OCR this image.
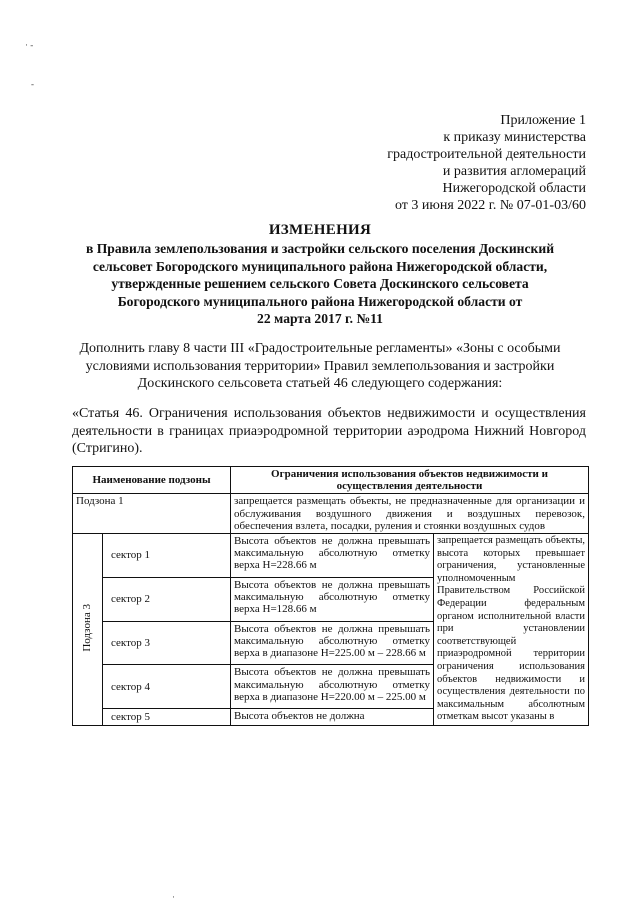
· -
-
Приложение 1
к приказу министерства
градостроительной деятельности
и развития агломераций
Нижегородской области
от 3 июня 2022 г. № 07-01-03/60
ИЗМЕНЕНИЯ
в Правила землепользования и застройки сельского поселения Доскинский
сельсовет Богородского муниципального района Нижегородской области,
утвержденные решением сельского Совета Доскинского сельсовета
Богородского муниципального района Нижегородской области от
22 марта 2017 г. №11
Дополнить главу 8 части III «Градостроительные регламенты» «Зоны с особыми
условиями использования территории» Правил землепользования и застройки
Доскинского сельсовета статьей 46 следующего содержания:
«Статья 46. Ограничения использования объектов недвижимости и осуществления деятельности в границах приаэродромной территории аэродрома Нижний Новгород (Стригино).
Наименование подзоны		Ограничения использования объектов недвижимости и осуществления деятельности	
Подзона 1		запрещается размещать объекты, не предназначенные для организации и обслуживания воздушного движения и воздушных перевозок, обеспечения взлета, посадки, руления и стоянки воздушных судов	
Подзона 3	сектор 1	Высота объектов не должна превышать максимальную абсолютную отметку верха Н=228.66 м	запрещается размещать объекты, высота которых превышает ограничения, установленные уполномоченным Правительством Российской Федерации федеральным органом исполнительной власти при установлении соответствующей приаэродромной территории ограничения использования объектов недвижимости и осуществления деятельности по максимальным абсолютным отметкам высот указаны в
	сектор 2	Высота объектов не должна превышать максимальную абсолютную отметку верха Н=128.66 м	
	сектор 3	Высота объектов не должна превышать максимальную абсолютную отметку верха в диапазоне Н=225.00 м – 228.66 м	
	сектор 4	Высота объектов не должна превышать максимальную абсолютную отметку верха в диапазоне Н=220.00 м – 225.00 м	
	сектор 5	Высота объектов не должна	
·
